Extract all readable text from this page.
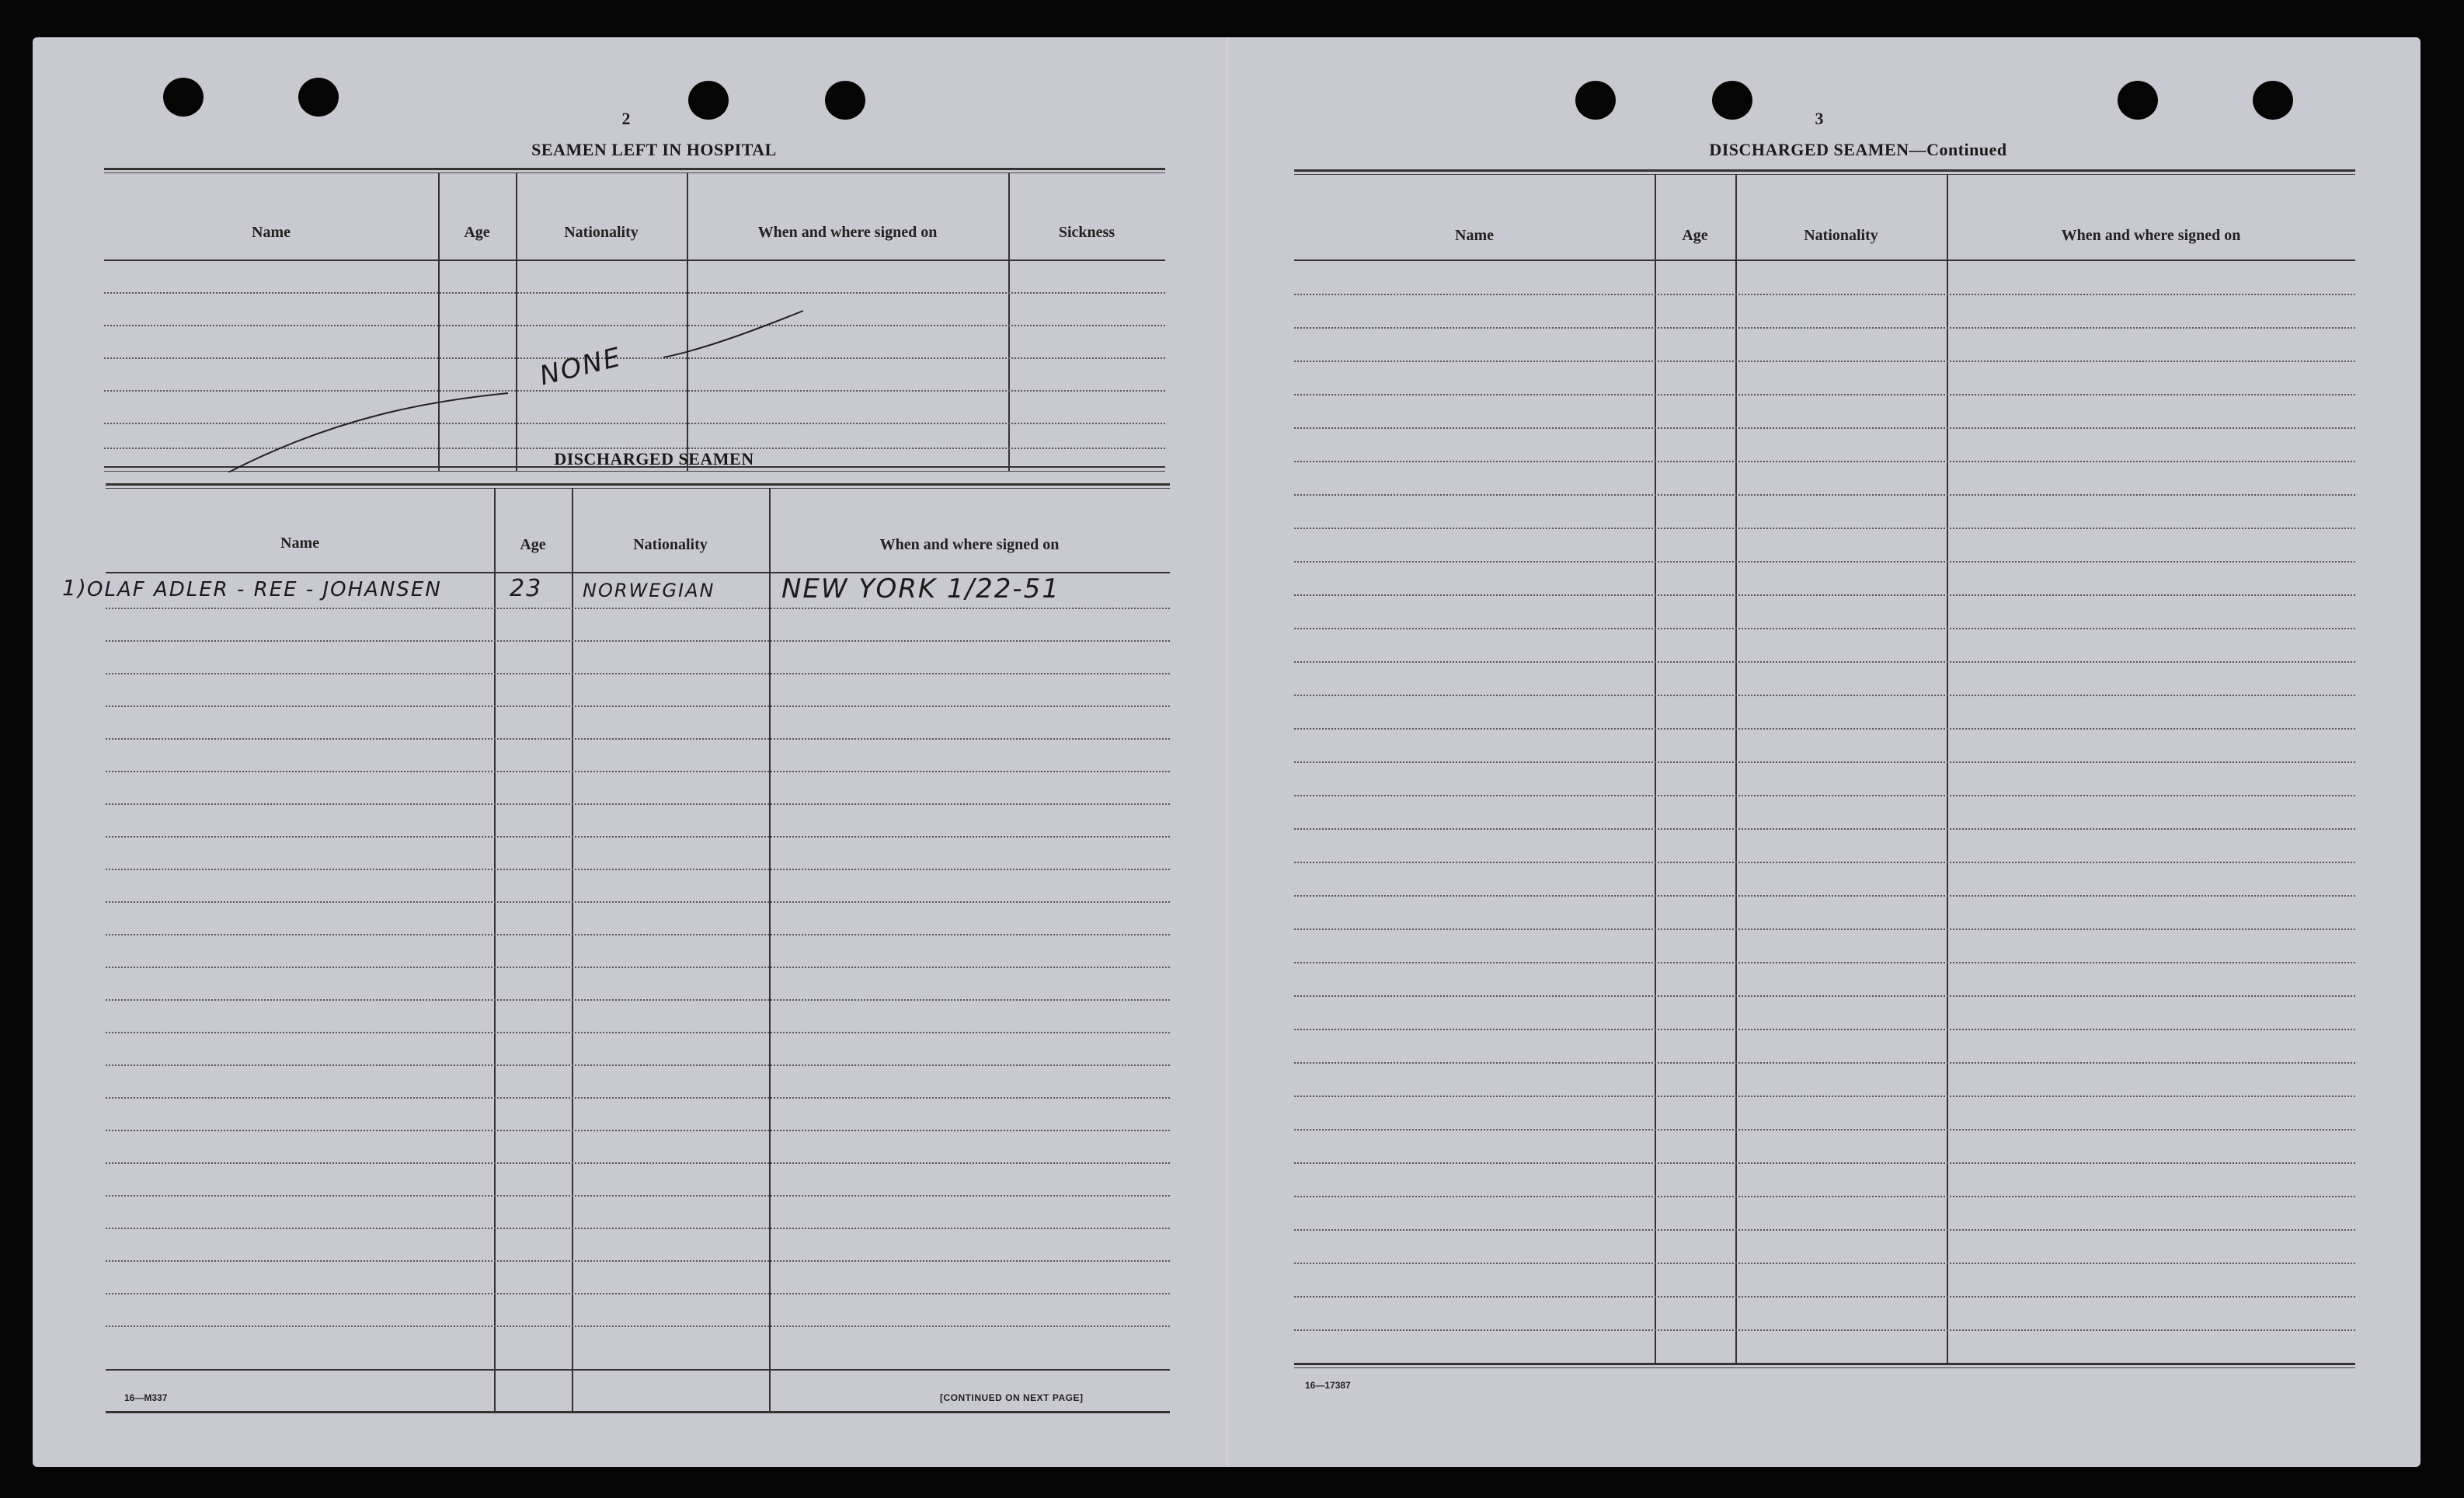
2
SEAMEN LEFT IN HOSPITAL
Name	Age	Nationality	When and where signed on	Sickness
NONE
DISCHARGED SEAMEN
Name	Age	Nationality	When and where signed on
1) OLAF ADLER - REE - JOHANSEN	23 NORWEGIAN	NEW YORK 1/22-51
16—M337	[CONTINUED ON NEXT PAGE]
3
DISCHARGED SEAMEN—Continued
Name	Age	Nationality	When and where signed on
16—17387
